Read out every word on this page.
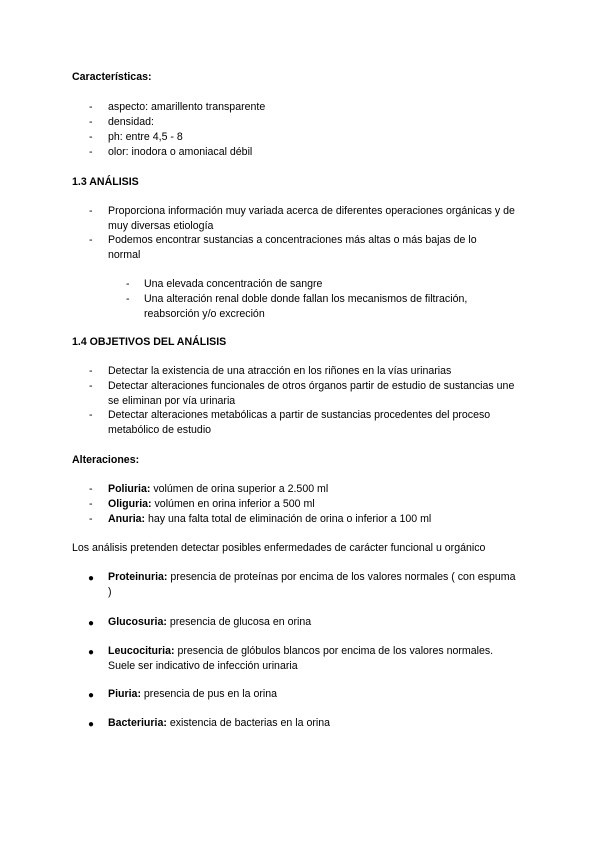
Características:
- aspecto: amarillento transparente
- densidad:
- ph: entre 4,5 - 8
- olor: inodora o amoniacal débil
1.3 ANÁLISIS
- Proporciona información muy variada acerca de diferentes operaciones orgánicas y de muy diversas etiología
- Podemos encontrar sustancias a concentraciones más altas o más bajas de lo normal
- Una elevada concentración de sangre
- Una alteración renal doble donde fallan los mecanismos de filtración, reabsorción y/o excreción
1.4 OBJETIVOS DEL ANÁLISIS
- Detectar la existencia de una atracción en los riñones en la vías urinarias
- Detectar alteraciones funcionales de otros órganos partir de estudio de sustancias une se eliminan por vía urinaria
- Detectar alteraciones metabólicas a partir de sustancias procedentes del proceso metabólico de estudio
Alteraciones:
- Poliuria: volúmen de orina superior a 2.500 ml
- Oliguria: volúmen en orina inferior a 500 ml
- Anuria: hay una falta total de eliminación de orina o inferior a 100 ml
Los análisis pretenden detectar posibles enfermedades de carácter funcional u orgánico
● Proteinuria: presencia de proteínas por encima de los valores normales ( con espuma )
● Glucosuria: presencia de glucosa en orina
● Leucocituria: presencia de glóbulos blancos por encima de los valores normales. Suele ser indicativo de infección urinaria
● Piuria: presencia de pus en la orina
● Bacteriuria: existencia de bacterias en la orina
